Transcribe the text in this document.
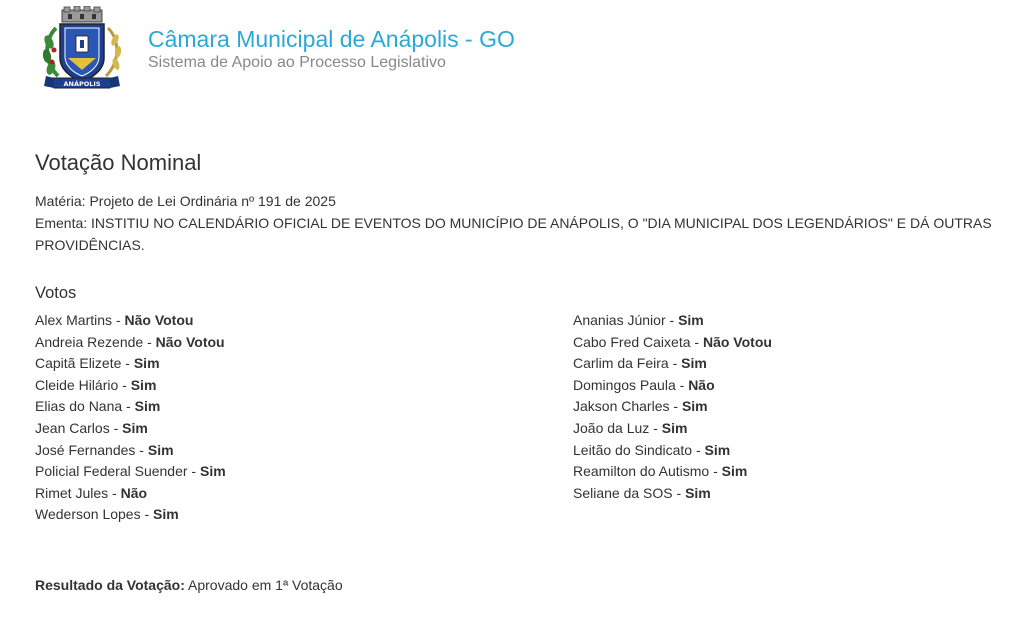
ANÁPOLIS
Câmara Municipal de Anápolis - GO
Sistema de Apoio ao Processo Legislativo
Votação Nominal
Matéria: Projeto de Lei Ordinária nº 191 de 2025
Ementa: INSTITIU NO CALENDÁRIO OFICIAL DE EVENTOS DO MUNICÍPIO DE ANÁPOLIS, O "DIA MUNICIPAL DOS LEGENDÁRIOS" E DÁ OUTRAS PROVIDÊNCIAS.
Votos
Alex Martins - Não Votou
Andreia Rezende - Não Votou
Capitã Elizete - Sim
Cleide Hilário - Sim
Elias do Nana - Sim
Jean Carlos - Sim
José Fernandes - Sim
Policial Federal Suender - Sim
Rimet Jules - Não
Wederson Lopes - Sim
Ananias Júnior - Sim
Cabo Fred Caixeta - Não Votou
Carlim da Feira - Sim
Domingos Paula - Não
Jakson Charles - Sim
João da Luz - Sim
Leitão do Sindicato - Sim
Reamilton do Autismo - Sim
Seliane da SOS - Sim
Resultado da Votação: Aprovado em 1ª Votação
